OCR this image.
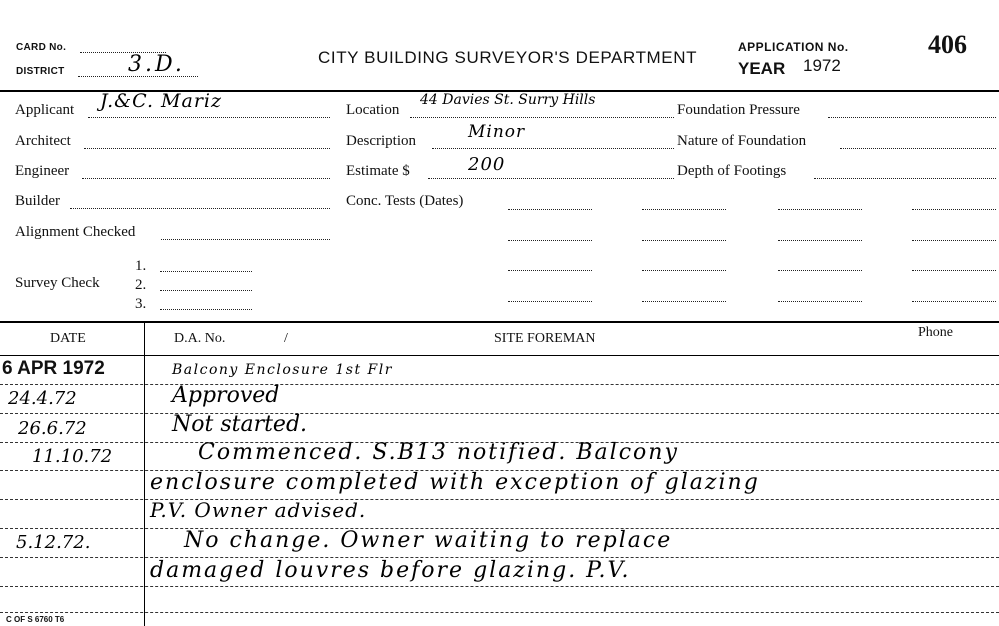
CARD No.
DISTRICT	3.D.	CITY BUILDING SURVEYOR'S DEPARTMENT
APPLICATION No.
YEAR 1972
406
Applicant J.&C. Mariz
Architect
Engineer
Builder
Alignment Checked
Survey Check
1.
2.
3.
Location
44 Davies St. Surry Hills
Description	Minor
Estimate $	200
Conc. Tests (Dates)
Foundation Pressure
Nature of Foundation
Depth of Footings
DATE	D.A. No.	/	SITE FOREMAN	Phone
6 APR 1972	Balcony Enclosure 1st Flr
24.4.72	Approved
26.6.72	Not started.
11.10.72	Commenced. S.B13 notified. Balcony
enclosure completed with exception of glazing
P.V. Owner advised.
5.12.72.	No change. Owner waiting to replace
damaged louvres before glazing. P.V.
C OF S 6760 T6
